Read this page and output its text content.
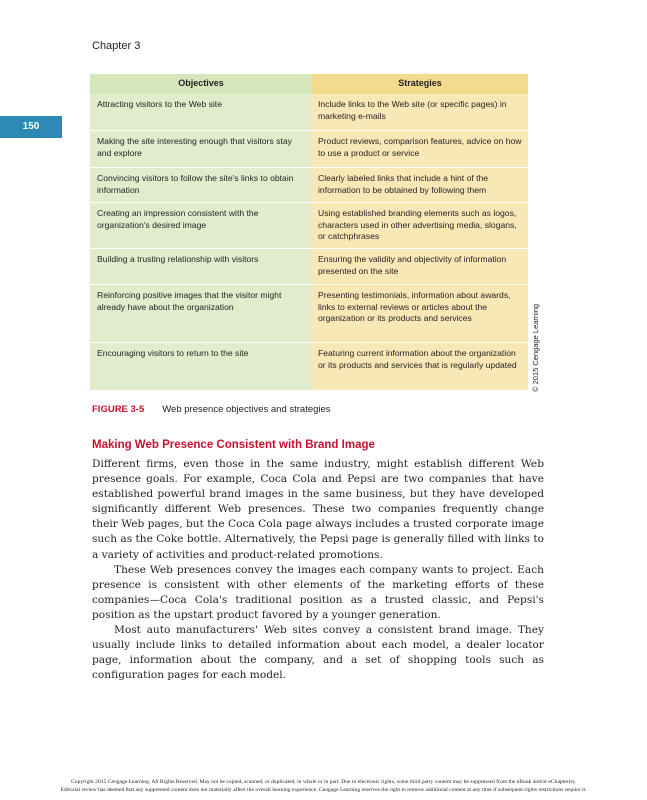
Chapter 3
150
Objectives	Strategies
Attracting visitors to the Web site	Include links to the Web site (or specific pages) in marketing e-mails
Making the site interesting enough that visitors stay and explore	Product reviews, comparison features, advice on how to use a product or service
Convincing visitors to follow the site's links to obtain information	Clearly labeled links that include a hint of the information to be obtained by following them
Creating an impression consistent with the organization's desired image	Using established branding elements such as logos, characters used in other advertising media, slogans, or catchphrases
Building a trusting relationship with visitors	Ensuring the validity and objectivity of information presented on the site
Reinforcing positive images that the visitor might already have about the organization	Presenting testimonials, information about awards, links to external reviews or articles about the organization or its products and services
Encouraging visitors to return to the site	Featuring current information about the organization or its products and services that is regularly updated © 2015 Cengage Learning
FIGURE 3-5 Web presence objectives and strategies
Making Web Presence Consistent with Brand Image

Different firms, even those in the same industry, might establish different Web presence goals. For example, Coca Cola and Pepsi are two companies that have established powerful brand images in the same business, but they have developed significantly different Web presences. These two companies frequently change their Web pages, but the Coca Cola page always includes a trusted corporate image such as the Coke bottle. Alternatively, the Pepsi page is generally filled with links to a variety of activities and product-related promotions.

These Web presences convey the images each company wants to project. Each presence is consistent with other elements of the marketing efforts of these companies—Coca Cola's traditional position as a trusted classic, and Pepsi's position as the upstart product favored by a younger generation.

Most auto manufacturers' Web sites convey a consistent brand image. They usually include links to detailed information about each model, a dealer locator page, information about the company, and a set of shopping tools such as configuration pages for each model.

Copyright 2015 Cengage Learning. All Rights Reserved. May not be copied, scanned, or duplicated, in whole or in part. Due to electronic rights, some third party content may be suppressed from the eBook and/or eChapter(s).
Editorial review has deemed that any suppressed content does not materially affect the overall learning experience. Cengage Learning reserves the right to remove additional content at any time if subsequent rights restrictions require it.
